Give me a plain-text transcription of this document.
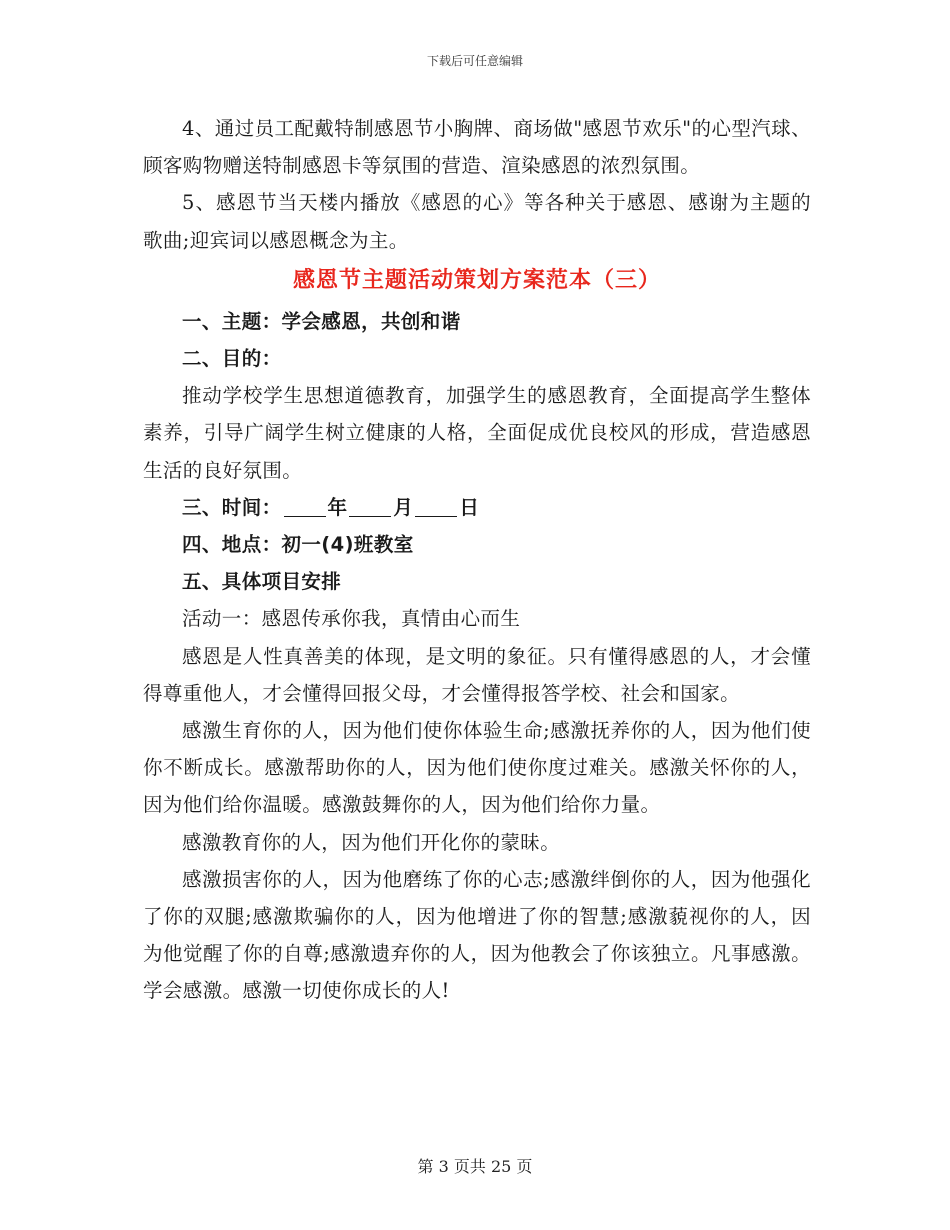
下载后可任意编辑

4、通过员工配戴特制感恩节小胸牌、商场做"感恩节欢乐"的心型汽球、顾客购物赠送特制感恩卡等氛围的营造、渲染感恩的浓烈氛围。

5、感恩节当天楼内播放《感恩的心》等各种关于感恩、感谢为主题的歌曲;迎宾词以感恩概念为主。

感恩节主题活动策划方案范本（三）

一、主题：学会感恩，共创和谐

二、目的：

推动学校学生思想道德教育，加强学生的感恩教育，全面提高学生整体素养，引导广阔学生树立健康的人格，全面促成优良校风的形成，营造感恩生活的良好氛围。

三、时间： 年 月 日

四、地点：初一(4)班教室

五、具体项目安排

活动一：感恩传承你我，真情由心而生

感恩是人性真善美的体现，是文明的象征。只有懂得感恩的人，才会懂得尊重他人，才会懂得回报父母，才会懂得报答学校、社会和国家。

感激生育你的人，因为他们使你体验生命;感激抚养你的人，因为他们使你不断成长。感激帮助你的人，因为他们使你度过难关。感激关怀你的人，因为他们给你温暖。感激鼓舞你的人，因为他们给你力量。

感激教育你的人，因为他们开化你的蒙昧。

感激损害你的人，因为他磨练了你的心志;感激绊倒你的人，因为他强化了你的双腿;感激欺骗你的人，因为他增进了你的智慧;感激藐视你的人，因为他觉醒了你的自尊;感激遗弃你的人，因为他教会了你该独立。凡事感激。学会感激。感激一切使你成长的人!

第 3 页共 25 页
